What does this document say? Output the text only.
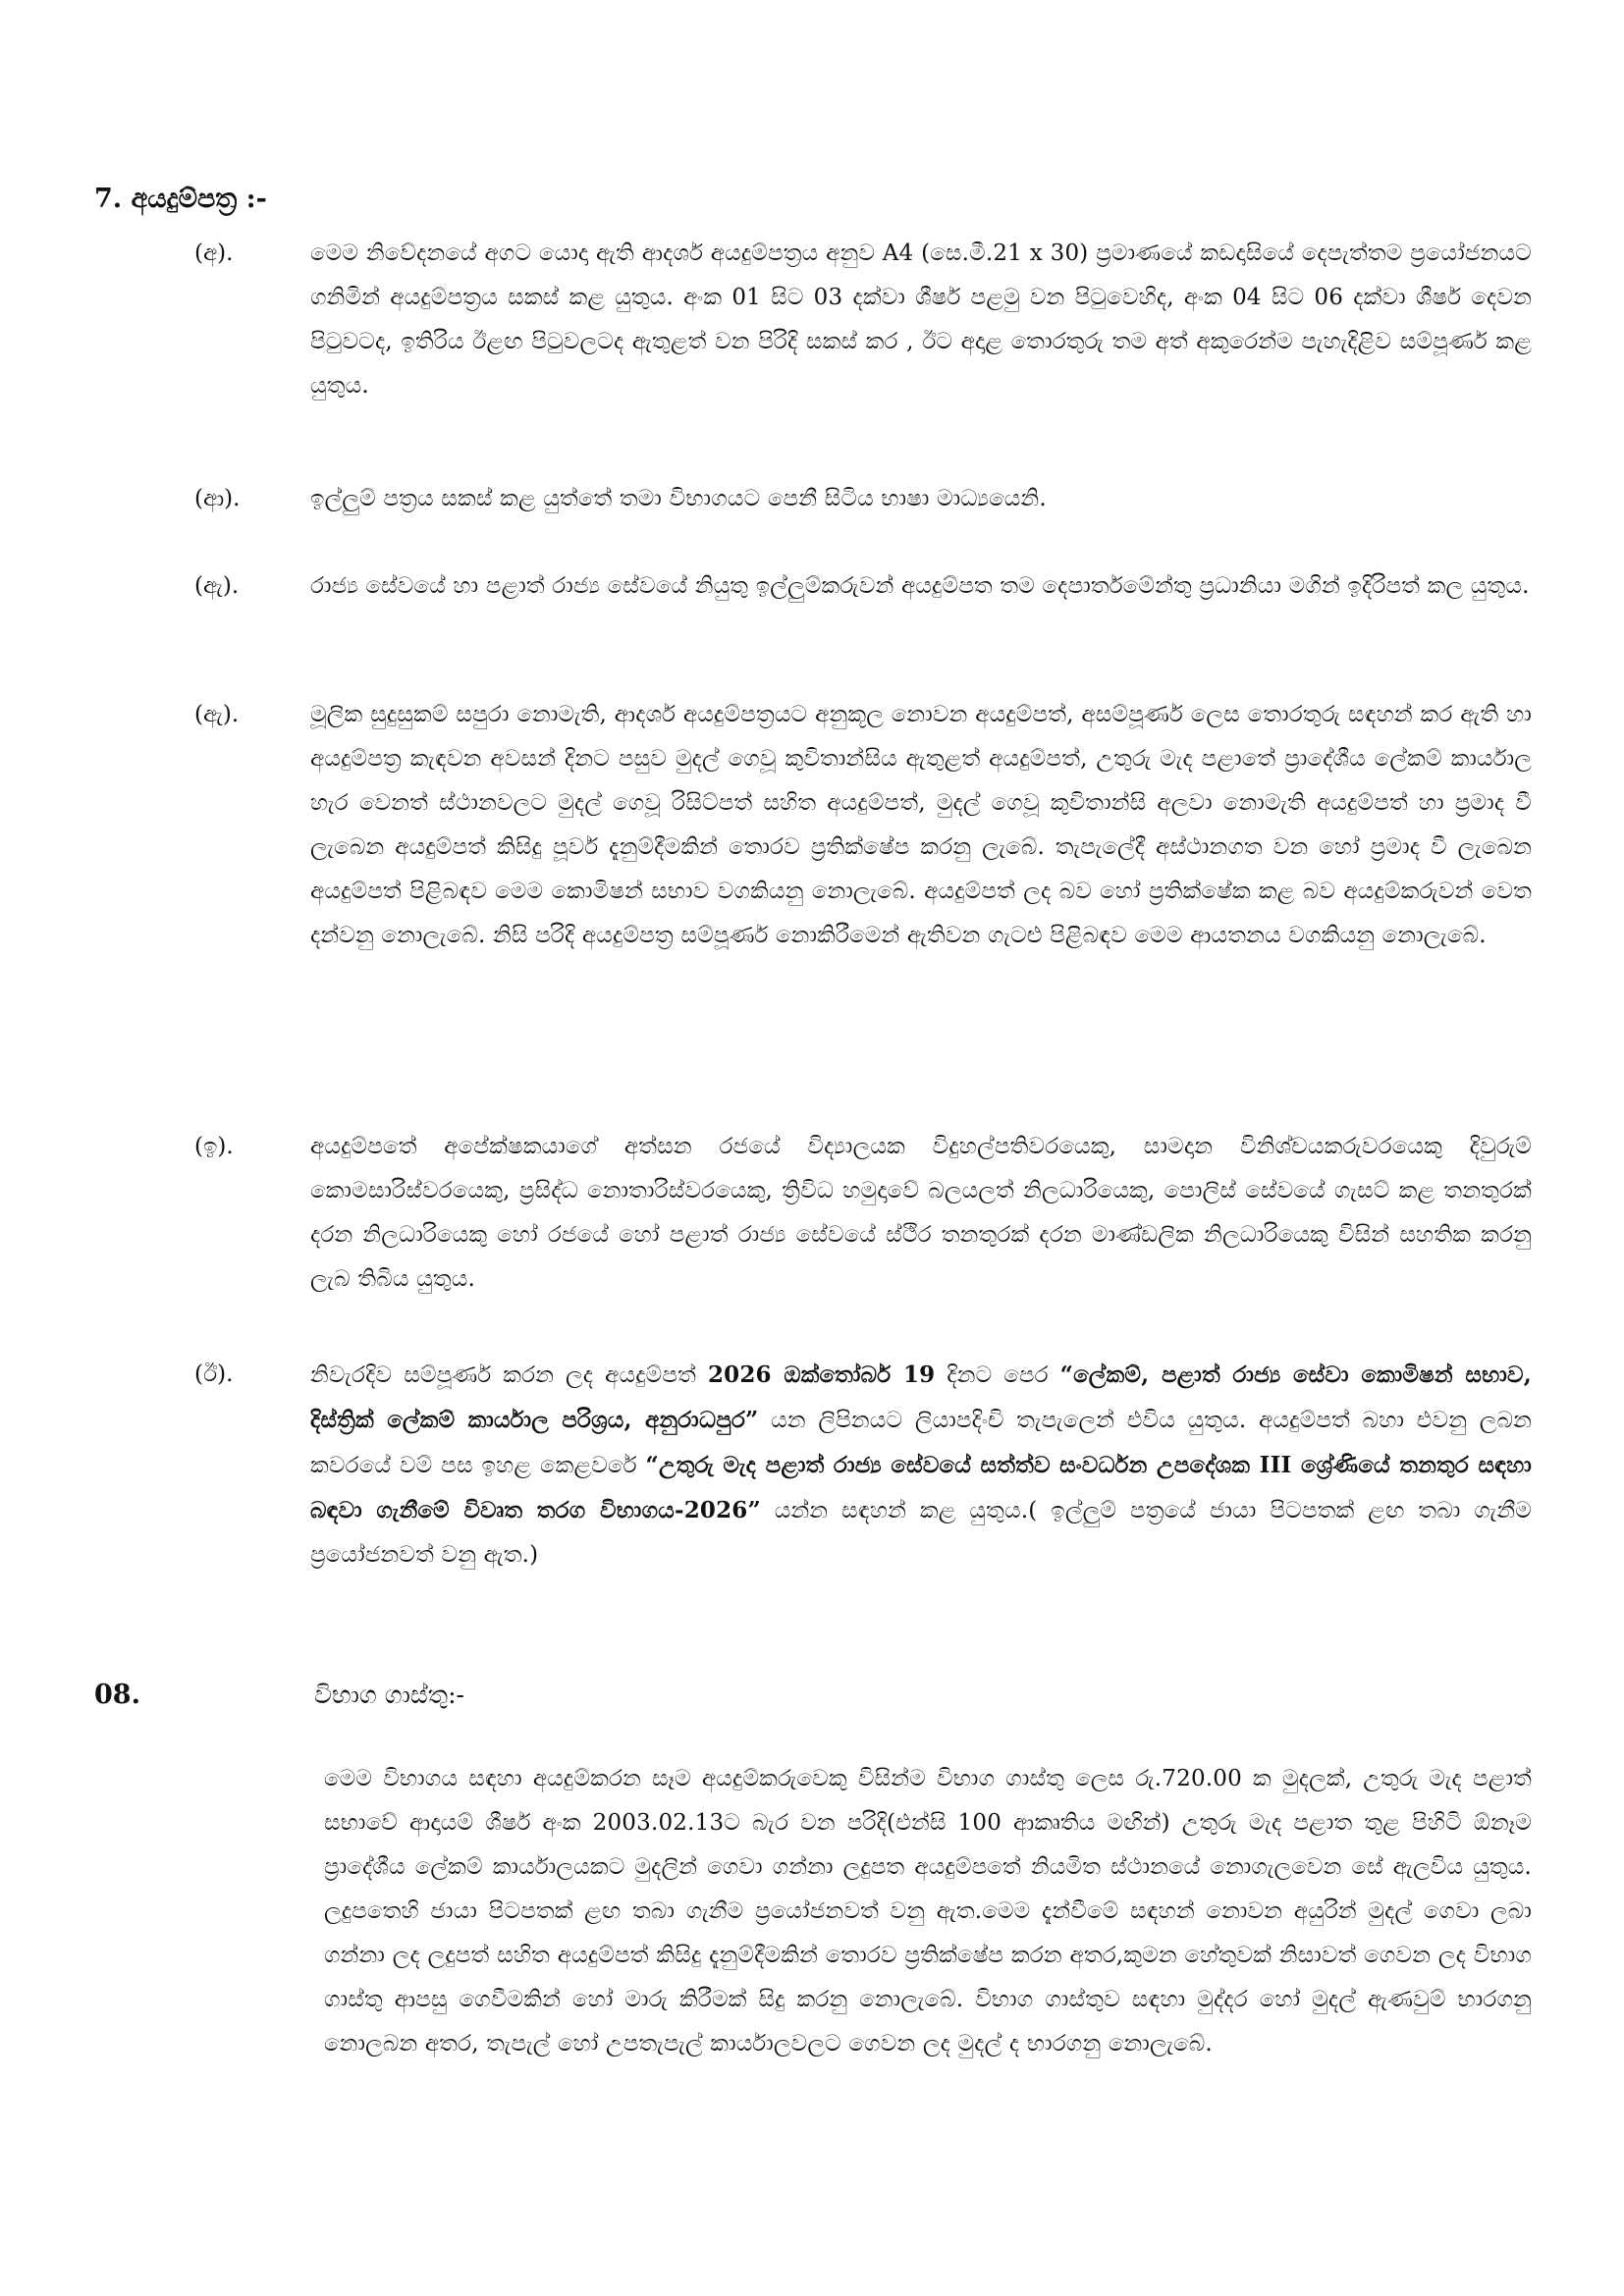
7. අයදුම්පත්‍ර :-
(අ).	මෙම නිවේදනයේ අගට යොදා ඇති ආදර්ශ අයදුම්පත්‍රය අනුව A4 (සෙ.මී.21 x 30) ප්‍රමාණයේ කඩදාසියේ දෙපැත්තම ප්‍රයෝජනයට ගනිමින් අයදුම්පත්‍රය සකස් කළ යුතුය. අංක 01 සිට 03 දක්වා ශීර්ෂ පළමු වන පිටුවෙහිද, අංක 04 සිට 06 දක්වා ශීර්ෂ දෙවන පිටුවටද, ඉතිරිය ඊළඟ පිටුවලටද ඇතුළත් වන පිරිදි සකස් කර , ඊට අදාළ තොරතුරු තම අත් අකුරෙන්ම පැහැදිළිව සම්පූර්ණ කළ යුතුය.
(ආ).	ඉල්ලුම් පත්‍රය සකස් කළ යුත්තේ තමා විභාගයට පෙනී සිටිය භාෂා මාධ්‍යයෙනි.
(ඇ).	රාජ්‍ය සේවයේ හා පළාත් රාජ්‍ය සේවයේ නියුතු ඉල්ලුම්කරුවන් අයදුම්පත තම දෙපාර්තමේන්තු ප්‍රධානියා මගින් ඉදිරිපත් කල යුතුය.
(ඇ).	මූලික සුදුසුකම් සපුරා නොමැති, ආදර්ශ අයදුම්පත්‍රයට අනුකූල නොවන අයදුම්පත්, අසම්පූර්ණ ලෙස තොරතුරු සඳහන් කර ඇති හා අයදුම්පත්‍ර කැඳවන අවසන් දිනට පසුව මුදල් ගෙවූ කුවිතාන්සිය ඇතුළත් අයදුම්පත්, උතුරු මැද පළාතේ ප්‍රාදේශීය ලේකම් කාර්යාල හැර වෙනත් ස්ථානවලට මුදල් ගෙවූ රිසිට්පත් සහිත අයදුම්පත්, මුදල් ගෙවූ කුවිතාන්සි අලවා නොමැති අයදුම්පත් හා ප්‍රමාද වී ලැබෙන අයදුම්පත් කිසිදු පූර්ව දැනුම්දීමකින් තොරව ප්‍රතික්ෂේප කරනු ලැබේ. තැපැලේදී අස්ථානගත වන හෝ ප්‍රමාද වී ලැබෙන අයදුම්පත් පිළිබඳව මෙම කොමිෂන් සභාව වගකියනු නොලැබේ. අයදුම්පත් ලද බව හෝ ප්‍රතික්ෂේක කළ බව අයදුම්කරුවන් වෙත දන්වනු නොලැබේ. නිසි පරිදි අයදුම්පත්‍ර සම්පූර්ණ නොකිරීමෙන් ඇතිවන ගැටළු පිළිබඳව මෙම ආයතනය වගකියනු නොලැබේ.
(ඉ).	අයදුම්පතේ අපේක්ෂකයාගේ අත්සන රජයේ විද්‍යාලයක විදුහල්පතිවරයෙකු, සාමදාන විනිශ්චයකරුවරයෙකු දිවුරුම් කොමසාරිස්වරයෙකු, ප්‍රසිද්ධ නොතාරිස්වරයෙකු, ත්‍රිවිධ හමුදාවේ බලයලත් නිලධාරියෙකු, පොලිස් සේවයේ ගැසට් කළ තනතුරක් දරන නිලධාරියෙකු හෝ රජයේ හෝ පළාත් රාජ්‍ය සේවයේ ස්ථිර තනතුරක් දරන මාණ්ඩලික නිලධාරියෙකු විසින් සහතික කරනු ලැබ තිබිය යුතුය.
(ඊ).	නිවැරදිව සම්පූර්ණ කරන ලද අයදුම්පත් 2026 ඔක්තෝබර් 19 දිනට පෙර “ලේකම්, පළාත් රාජ්‍ය සේවා කොමිෂන් සභාව, දිස්ත්‍රික් ලේකම් කාර්යාල පරිශ්‍රය, අනුරාධපුර” යන ලිපිනයට ලියාපදිංචි තැපැලෙන් එවිය යුතුය. අයදුම්පත් බහා එවනු ලබන කවරයේ වම් පස ඉහළ කෙළවරේ “උතුරු මැද පළාත් රාජ්‍ය සේවයේ සත්ත්ව සංවර්ධන උපදේශක III ශ්‍රේණියේ තනතුර සඳහා බඳවා ගැනීමේ විවෘත තරග විභාගය-2026” යන්න සඳහන් කළ යුතුය.( ඉල්ලුම් පත්‍රයේ ජායා පිටපතක් ළඟ තබා ගැනීම ප්‍රයෝජනවත් වනු ඇත.)
08.	විභාග ගාස්තු:-
මෙම විභාගය සඳහා අයදුම්කරන සෑම අයදුම්කරුවෙකු විසින්ම විභාග ගාස්තු ලෙස රු.720.00 ක මුදලක්, උතුරු මැද පළාත් සභාවේ ආදායම් ශීර්ෂ අංක 2003.02.13ට බැර වන පරිදි(එන්සි 100 ආකෘතිය මඟින්) උතුරු මැද පළාත තුළ පිහිටි ඕනෑම ප්‍රාදේශීය ලේකම් කාර්යාලයකට මුදලින් ගෙවා ගන්නා ලදුපත අයදුම්පතේ නියමිත ස්ථානයේ නොගැලවෙන සේ ඇලවිය යුතුය. ලදුපතෙහි ජායා පිටපතක් ළඟ තබා ගැනීම ප්‍රයෝජනවත් වනු ඇත.මෙම දැන්වීමේ සඳහන් නොවන අයුරින් මුදල් ගෙවා ලබා ගන්නා ලද ලදුපත් සහිත අයදුම්පත් කිසිදු දැනුම්දීමකින් තොරව ප්‍රතික්ෂේප කරන අතර,කුමන හේතුවක් නිසාවත් ගෙවන ලද විභාග ගාස්තු ආපසු ගෙවීමකින් හෝ මාරු කිරීමක් සිදු කරනු නොලැබේ. විභාග ගාස්තුව සඳහා මුද්දර හෝ මුදල් ඇණවුම් භාරගනු නොලබන අතර, තැපැල් හෝ උපතැපැල් කාර්යාලවලට ගෙවන ලද මුදල් ද භාරගනු නොලැබේ.
